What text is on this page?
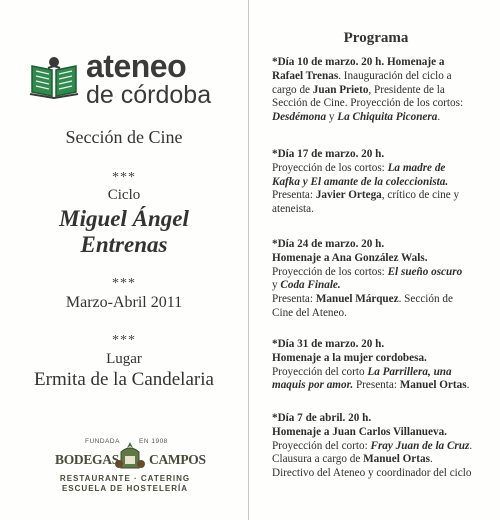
ateneo
de córdoba
Sección de Cine
***
Ciclo
Miguel Ángel
Entrenas
***
Marzo-Abril 2011
***
Lugar
Ermita de la Candelaria
FUNDADA	EN 1908
BODEGAS CAMPOS
RESTAURANTE · CATERING
ESCUELA DE HOSTELERÍA
Programa
*Día 10 de marzo. 20 h. Homenaje a
Rafael Trenas. Inauguración del ciclo a
cargo de Juan Prieto, Presidente de la
Sección de Cine. Proyección de los cortos:
Desdémona y La Chiquita Piconera.
*Día 17 de marzo. 20 h.
Proyección de los cortos: La madre de
Kafka y El amante de la coleccionista.
Presenta: Javier Ortega, crítico de cine y
ateneista.
*Día 24 de marzo. 20 h.
Homenaje a Ana González Wals.
Proyección de los cortos: El sueño oscuro
y Coda Finale.
Presenta: Manuel Márquez. Sección de
Cine del Ateneo.
*Día 31 de marzo. 20 h.
Homenaje a la mujer cordobesa.
Proyección del corto La Parrillera, una
maquis por amor. Presenta: Manuel Ortas.
*Día 7 de abril. 20 h.
Homenaje a Juan Carlos Villanueva.
Proyección del corto: Fray Juan de la Cruz.
Clausura a cargo de Manuel Ortas.
Directivo del Ateneo y coordinador del ciclo
